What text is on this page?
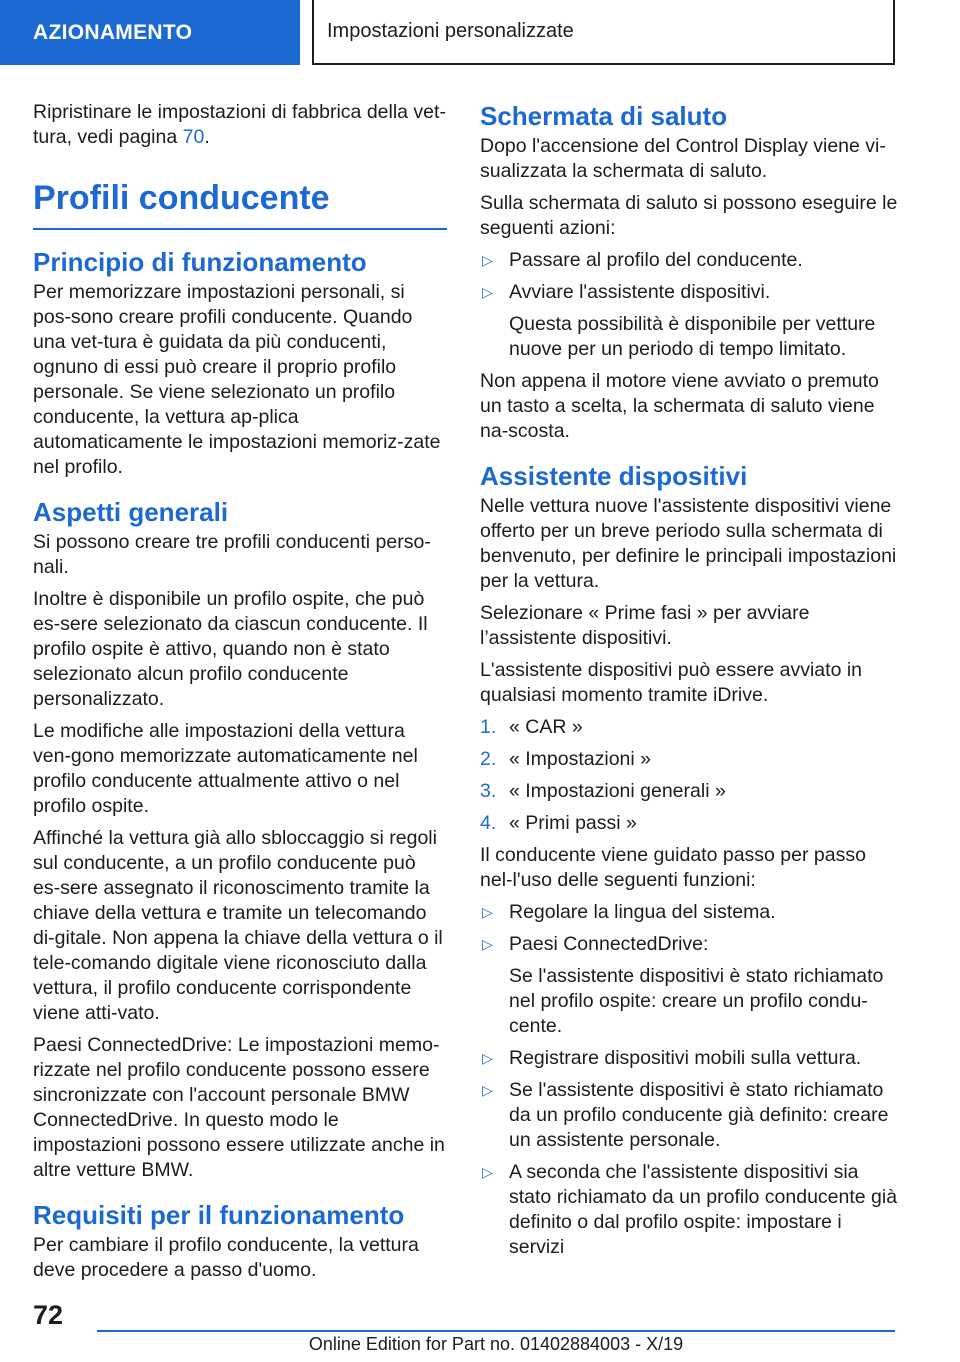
AZIONAMENTO	Impostazioni personalizzate

Ripristinare le impostazioni di fabbrica della vet-tura, vedi pagina 70.

Profili conducente
Principio di funzionamento

Per memorizzare impostazioni personali, si pos-sono creare profili conducente. Quando una vet-tura è guidata da più conducenti, ognuno di essi può creare il proprio profilo personale. Se viene selezionato un profilo conducente, la vettura ap-plica automaticamente le impostazioni memoriz-zate nel profilo.

Aspetti generali

Si possono creare tre profili conducenti perso-nali.

Inoltre è disponibile un profilo ospite, che può es-sere selezionato da ciascun conducente. Il profilo ospite è attivo, quando non è stato selezionato alcun profilo conducente personalizzato.

Le modifiche alle impostazioni della vettura ven-gono memorizzate automaticamente nel profilo conducente attualmente attivo o nel profilo ospite.

Affinché la vettura già allo sbloccaggio si regoli sul conducente, a un profilo conducente può es-sere assegnato il riconoscimento tramite la chiave della vettura e tramite un telecomando di-gitale. Non appena la chiave della vettura o il tele-comando digitale viene riconosciuto dalla vettura, il profilo conducente corrispondente viene atti-vato.

Paesi ConnectedDrive: Le impostazioni memo-rizzate nel profilo conducente possono essere sincronizzate con l'account personale BMW ConnectedDrive. In questo modo le impostazioni possono essere utilizzate anche in altre vetture BMW.

Requisiti per il funzionamento

Per cambiare il profilo conducente, la vettura deve procedere a passo d'uomo.

Schermata di saluto

Dopo l'accensione del Control Display viene vi-sualizzata la schermata di saluto.

Sulla schermata di saluto si possono eseguire le seguenti azioni:

▷ Passare al profilo del conducente.
▷ Avviare l'assistente dispositivi.

Questa possibilità è disponibile per vetture nuove per un periodo di tempo limitato.

Non appena il motore viene avviato o premuto un tasto a scelta, la schermata di saluto viene na-scosta.

Assistente dispositivi

Nelle vettura nuove l'assistente dispositivi viene offerto per un breve periodo sulla schermata di benvenuto, per definire le principali impostazioni per la vettura.

Selezionare « Prime fasi » per avviare l’assistente dispositivi.

L'assistente dispositivi può essere avviato in qualsiasi momento tramite iDrive.

1. « CAR »
2. « Impostazioni »
3. « Impostazioni generali »
4. « Primi passi »

Il conducente viene guidato passo per passo nel-l'uso delle seguenti funzioni:

▷ Regolare la lingua del sistema.
▷ Paesi ConnectedDrive:

Se l'assistente dispositivi è stato richiamato nel profilo ospite: creare un profilo condu-cente.

▷ Registrare dispositivi mobili sulla vettura.
▷ Se l'assistente dispositivi è stato richiamato da un profilo conducente già definito: creare un assistente personale.
▷ A seconda che l'assistente dispositivi sia stato richiamato da un profilo conducente già definito o dal profilo ospite: impostare i servizi
72
Online Edition for Part no. 01402884003 - X/19
